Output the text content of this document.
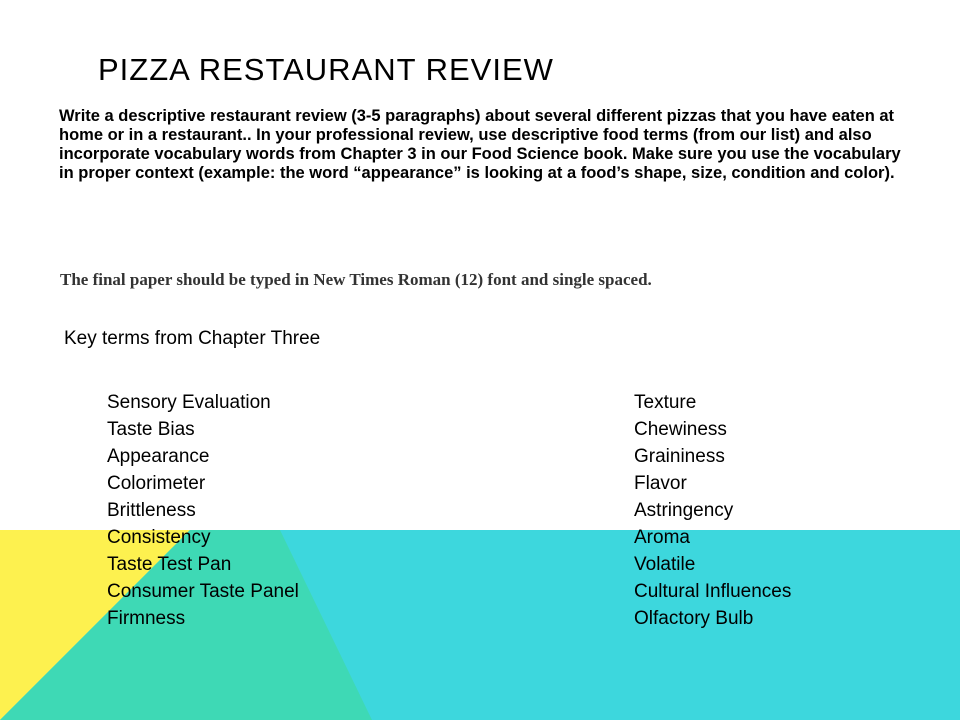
PIZZA RESTAURANT REVIEW

Write a descriptive restaurant review (3-5 paragraphs) about several different pizzas that you have eaten at home or in a restaurant.. In your professional review, use descriptive food terms (from our list) and also incorporate vocabulary words from Chapter 3 in our Food Science book. Make sure you use the vocabulary in proper context (example: the word “appearance” is looking at a food’s shape, size, condition and color).

The final paper should be typed in New Times Roman (12) font and single spaced.

Key terms from Chapter Three

Sensory Evaluation
Taste Bias
Appearance
Colorimeter
Brittleness
Consistency
Taste Test Pan
Consumer Taste Panel
Firmness
Texture
Chewiness
Graininess
Flavor
Astringency
Aroma
Volatile
Cultural Influences
Olfactory Bulb
